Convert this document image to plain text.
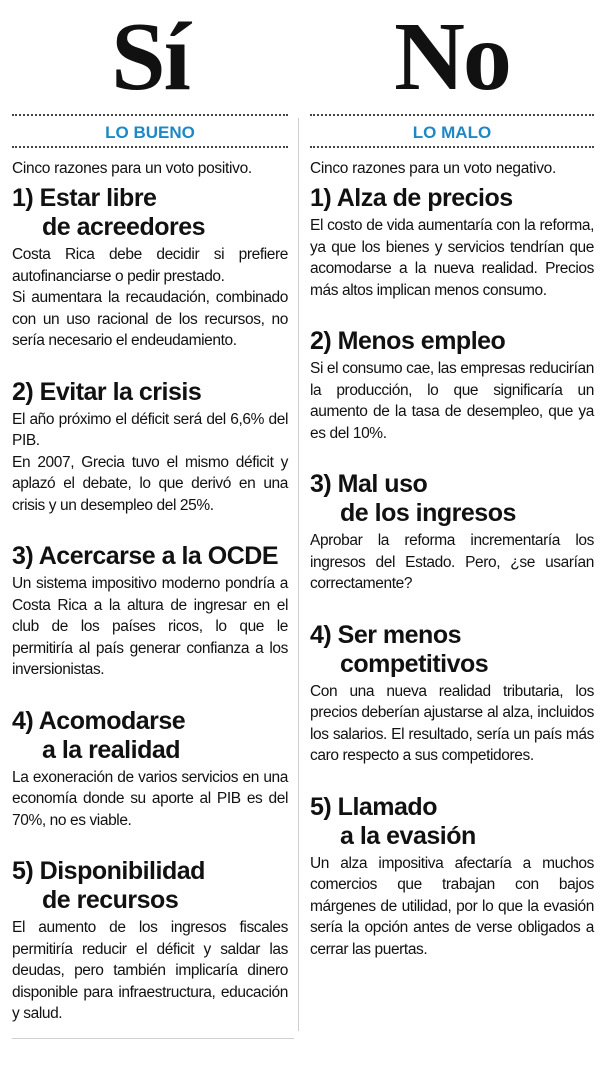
Sí
LO BUENO
Cinco razones para un voto positivo.
1) Estar libre
de acreedores
Costa Rica debe decidir si prefiere autofinanciarse o pedir prestado.
Si aumentara la recaudación, combinado con un uso racional de los recursos, no sería necesario el endeudamiento.
2) Evitar la crisis
El año próximo el déficit será del 6,6% del PIB.
En 2007, Grecia tuvo el mismo déficit y aplazó el debate, lo que derivó en una crisis y un desempleo del 25%.
3) Acercarse a la OCDE
Un sistema impositivo moderno pondría a Costa Rica a la altura de ingresar en el club de los países ricos, lo que le permitiría al país generar confianza a los inversionistas.
4) Acomodarse
a la realidad
La exoneración de varios servicios en una economía donde su aporte al PIB es del 70%, no es viable.
5) Disponibilidad
de recursos
El aumento de los ingresos fiscales permitiría reducir el déficit y saldar las deudas, pero también implicaría dinero disponible para infraestructura, educación y salud.
No
LO MALO
Cinco razones para un voto negativo.
1) Alza de precios
El costo de vida aumentaría con la reforma, ya que los bienes y servicios tendrían que acomodarse a la nueva realidad. Precios más altos implican menos consumo.
2) Menos empleo
Si el consumo cae, las empresas reducirían la producción, lo que significaría un aumento de la tasa de desempleo, que ya es del 10%.
3) Mal uso
de los ingresos
Aprobar la reforma incrementaría los ingresos del Estado. Pero, ¿se usarían correctamente?
4) Ser menos
competitivos
Con una nueva realidad tributaria, los precios deberían ajustarse al alza, incluidos los salarios. El resultado, sería un país más caro respecto a sus competidores.
5) Llamado
a la evasión
Un alza impositiva afectaría a muchos comercios que trabajan con bajos márgenes de utilidad, por lo que la evasión sería la opción antes de verse obligados a cerrar las puertas.
